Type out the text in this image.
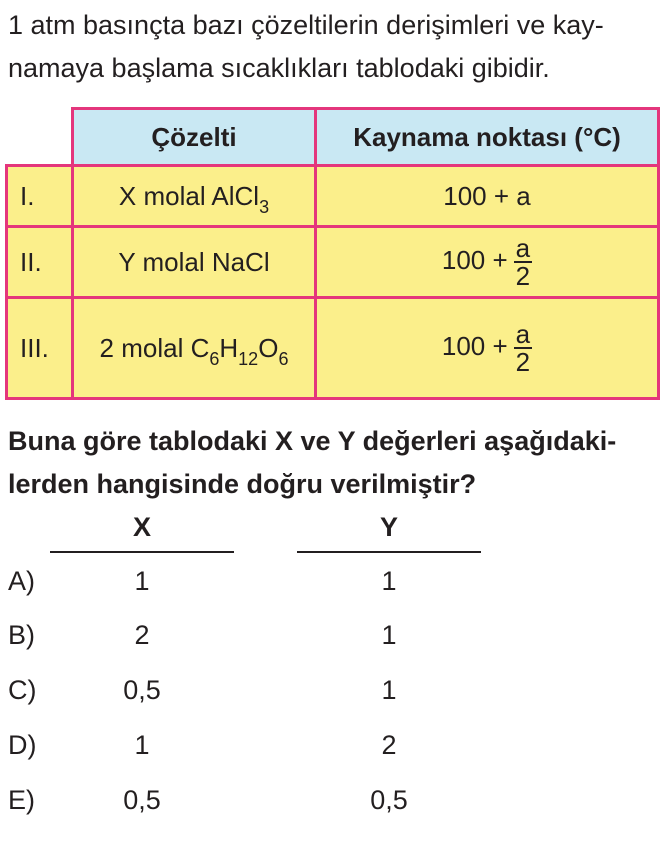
1 atm basınçta bazı çözeltilerin derişimleri ve kay-
namaya başlama sıcaklıkları tablodaki gibidir.

	Çözelti	Kaynama noktası (°C)
I.	X molal AlCl$_3$	100 + a
II.	Y molal NaCl	$100 + \frac{a}{2}$

III.	2 molal $C_6H_{12}O_6$	$100 + \frac{a}{2}$

Buna göre tablodaki X ve Y değerleri aşağıdaki-
lerden hangisinde doğru verilmiştir?

X	Y
A)	1	1
B)	2	1
C)	0,5	1
D)	1	2
E)	0,5	0,5
